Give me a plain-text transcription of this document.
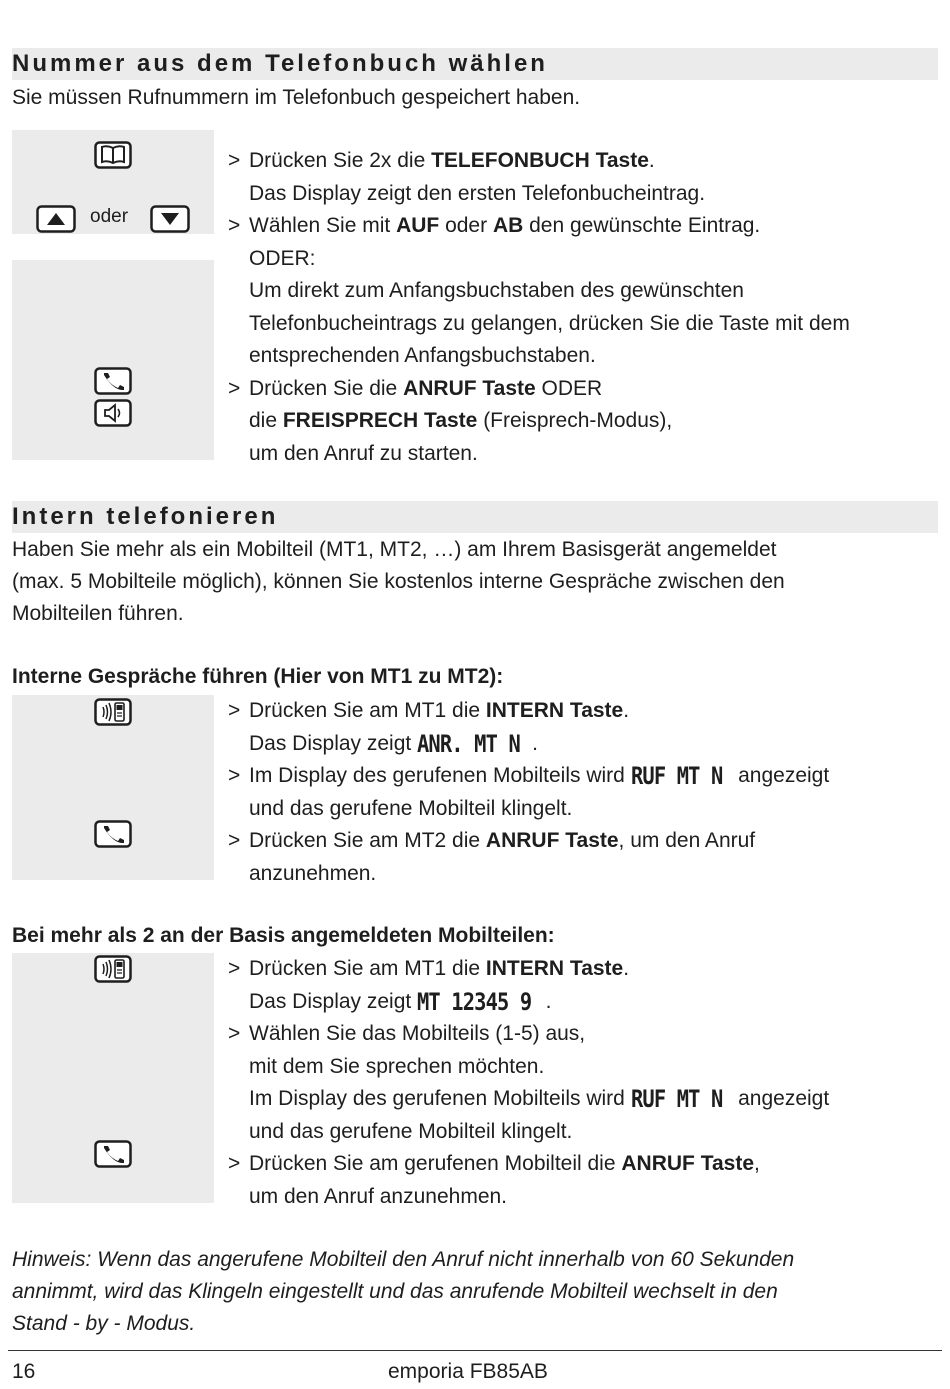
Nummer aus dem Telefonbuch wählen
Sie müssen Rufnummern im Telefonbuch gespeichert haben.
oder
> Drücken Sie 2x die TELEFONBUCH Taste.
Das Display zeigt den ersten Telefonbucheintrag.
> Wählen Sie mit AUF oder AB den gewünschte Eintrag.
ODER:
Um direkt zum Anfangsbuchstaben des gewünschten
Telefonbucheintrags zu gelangen, drücken Sie die Taste mit dem
entsprechenden Anfangsbuchstaben.
> Drücken Sie die ANRUF Taste ODER
die FREISPRECH Taste (Freisprech-Modus),
um den Anruf zu starten.
Intern telefonieren
Haben Sie mehr als ein Mobilteil (MT1, MT2, …) am Ihrem Basisgerät angemeldet
(max. 5 Mobilteile möglich), können Sie kostenlos interne Gespräche zwischen den
Mobilteilen führen.
Interne Gespräche führen (Hier von MT1 zu MT2):
> Drücken Sie am MT1 die INTERN Taste.
Das Display zeigt ANR. MT N .
> Im Display des gerufenen Mobilteils wird RUF MT N angezeigt
und das gerufene Mobilteil klingelt.
> Drücken Sie am MT2 die ANRUF Taste, um den Anruf
anzunehmen.
Bei mehr als 2 an der Basis angemeldeten Mobilteilen:
> Drücken Sie am MT1 die INTERN Taste.
Das Display zeigt MT 12345 9 .
> Wählen Sie das Mobilteils (1-5) aus,
mit dem Sie sprechen möchten.
Im Display des gerufenen Mobilteils wird RUF MT N angezeigt
und das gerufene Mobilteil klingelt.
> Drücken Sie am gerufenen Mobilteil die ANRUF Taste,
um den Anruf anzunehmen.
Hinweis: Wenn das angerufene Mobilteil den Anruf nicht innerhalb von 60 Sekunden
annimmt, wird das Klingeln eingestellt und das anrufende Mobilteil wechselt in den
Stand - by - Modus.
16	emporia FB85AB
